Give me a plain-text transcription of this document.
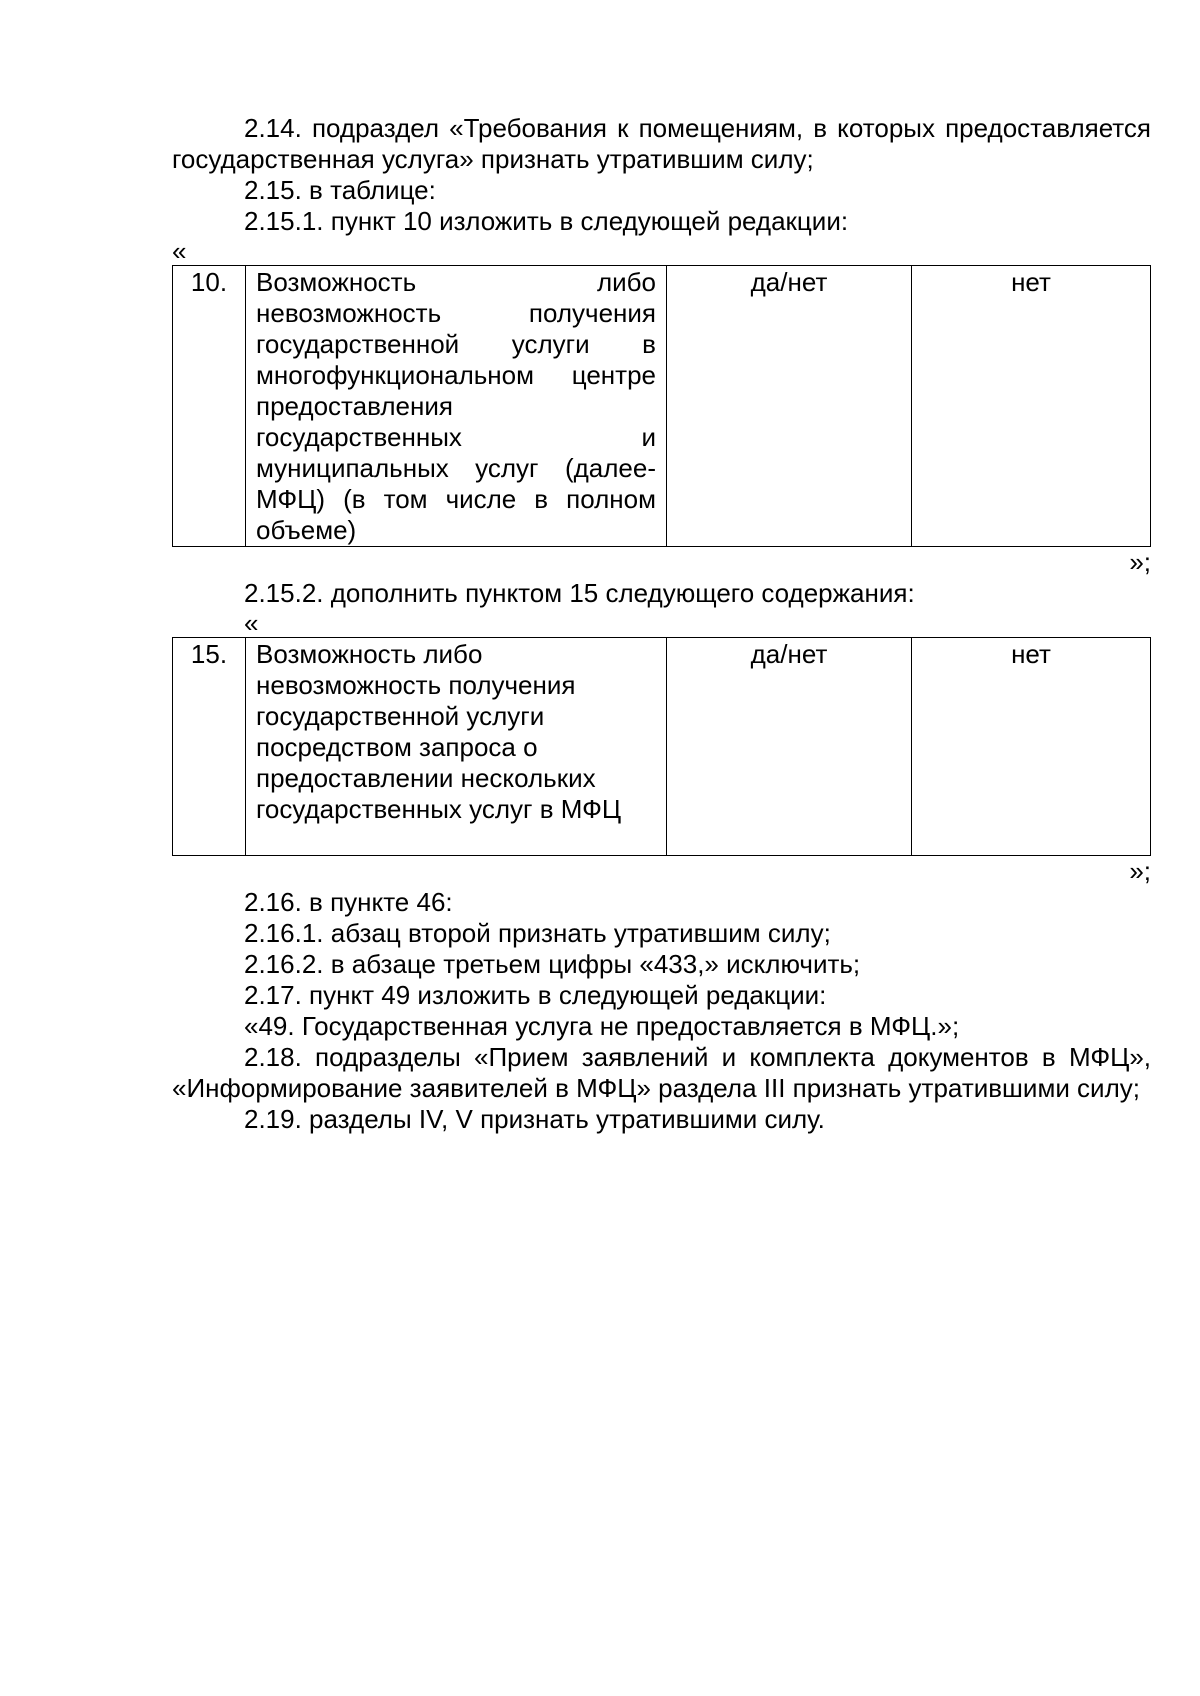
2.14. подраздел «Требования к помещениям, в которых предоставляется государственная услуга» признать утратившим силу;

2.15. в таблице:

2.15.1. пункт 10 изложить в следующей редакции:

«

10.	Возможность либо невозможность получения государственной услуги в многофункциональном центре предоставления государственных и муниципальных услуг (далее-МФЦ) (в том числе в полном объеме)	да/нет	нет

»;

2.15.2. дополнить пунктом 15 следующего содержания:

«

15.	Возможность либо невозможность получения государственной услуги посредством запроса о предоставлении нескольких государственных услуг в МФЦ	да/нет	нет

»;

2.16. в пункте 46:

2.16.1. абзац второй признать утратившим силу;

2.16.2. в абзаце третьем цифры «433,» исключить;

2.17. пункт 49 изложить в следующей редакции:

«49. Государственная услуга не предоставляется в МФЦ.»;

2.18. подразделы «Прием заявлений и комплекта документов в МФЦ», «Информирование заявителей в МФЦ» раздела III признать утратившими силу;

2.19. разделы IV, V признать утратившими силу.
